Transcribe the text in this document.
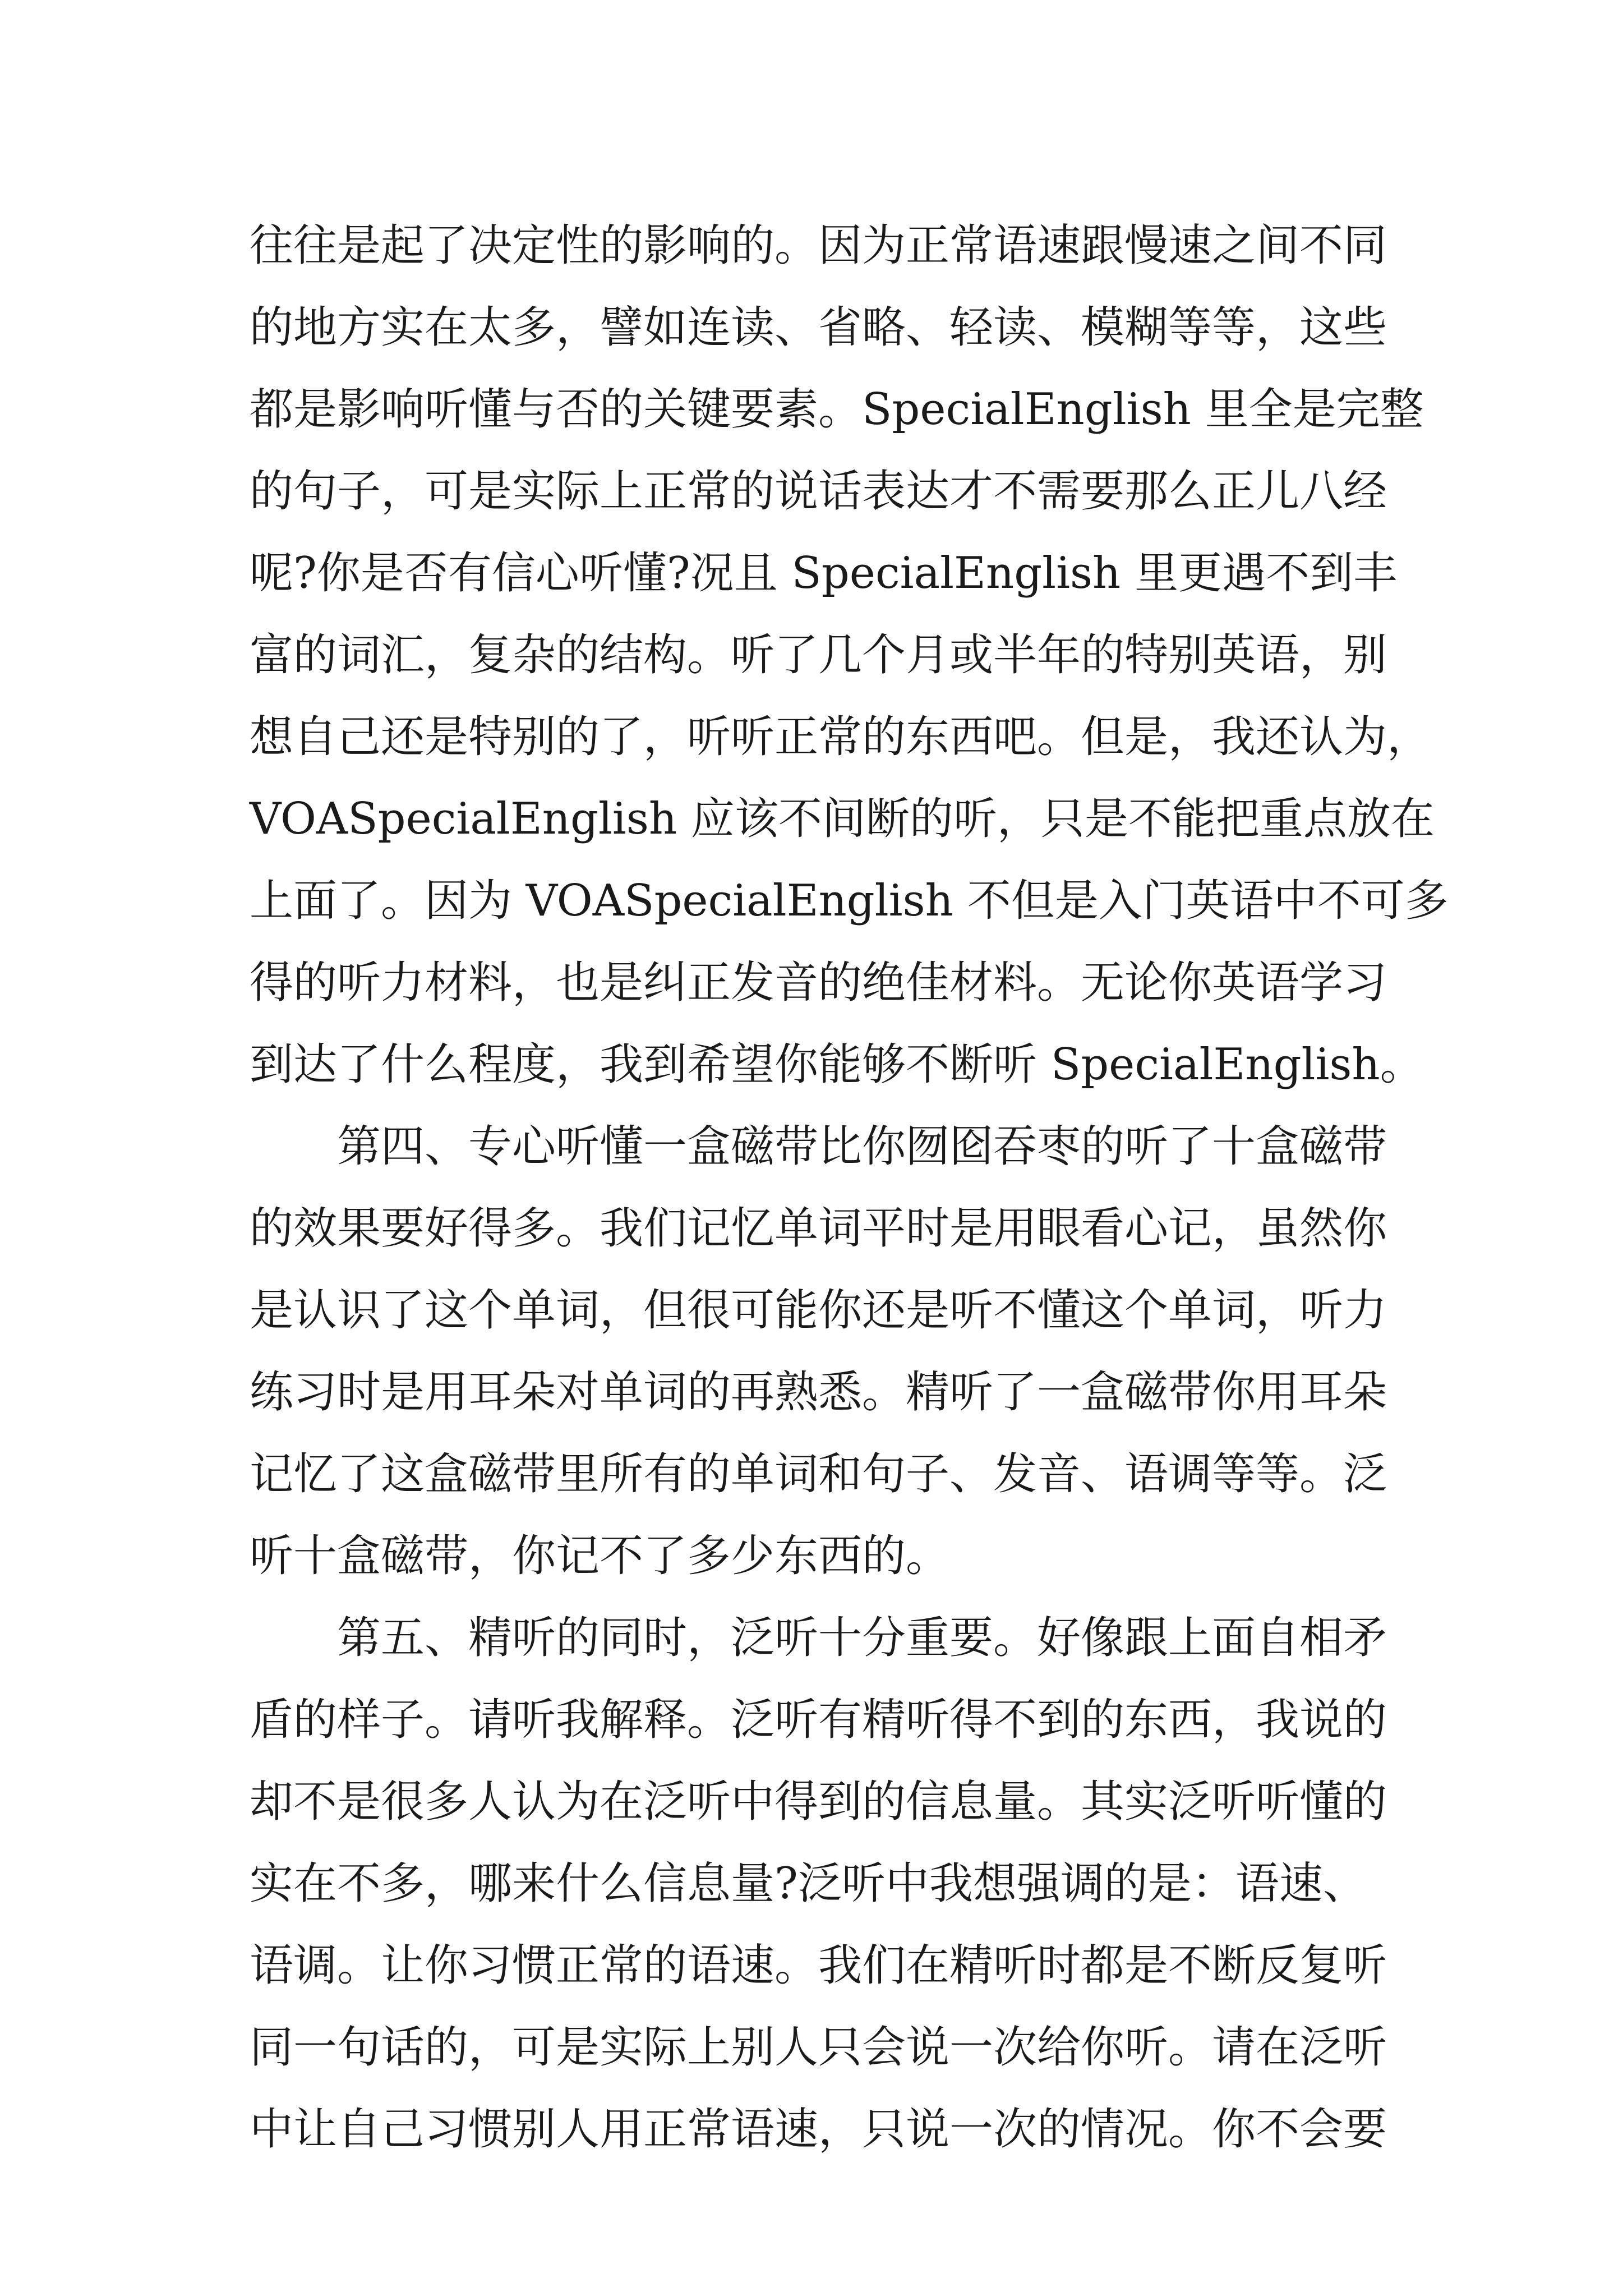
往往是起了决定性的影响的。因为正常语速跟慢速之间不同
的地方实在太多，譬如连读、省略、轻读、模糊等等，这些
都是影响听懂与否的关键要素。SpecialEnglish 里全是完整
的句子，可是实际上正常的说话表达才不需要那么正儿八经
呢?你是否有信心听懂?况且 SpecialEnglish 里更遇不到丰
富的词汇，复杂的结构。听了几个月或半年的特别英语，别
想自己还是特别的了，听听正常的东西吧。但是，我还认为，
VOASpecialEnglish 应该不间断的听，只是不能把重点放在
上面了。因为 VOASpecialEnglish 不但是入门英语中不可多
得的听力材料，也是纠正发音的绝佳材料。无论你英语学习
到达了什么程度，我到希望你能够不断听 SpecialEnglish。
　　第四、专心听懂一盒磁带比你囫囵吞枣的听了十盒磁带
的效果要好得多。我们记忆单词平时是用眼看心记，虽然你
是认识了这个单词，但很可能你还是听不懂这个单词，听力
练习时是用耳朵对单词的再熟悉。精听了一盒磁带你用耳朵
记忆了这盒磁带里所有的单词和句子、发音、语调等等。泛
听十盒磁带，你记不了多少东西的。
　　第五、精听的同时，泛听十分重要。好像跟上面自相矛
盾的样子。请听我解释。泛听有精听得不到的东西，我说的
却不是很多人认为在泛听中得到的信息量。其实泛听听懂的
实在不多，哪来什么信息量?泛听中我想强调的是：语速、
语调。让你习惯正常的语速。我们在精听时都是不断反复听
同一句话的，可是实际上别人只会说一次给你听。请在泛听
中让自己习惯别人用正常语速，只说一次的情况。你不会要
